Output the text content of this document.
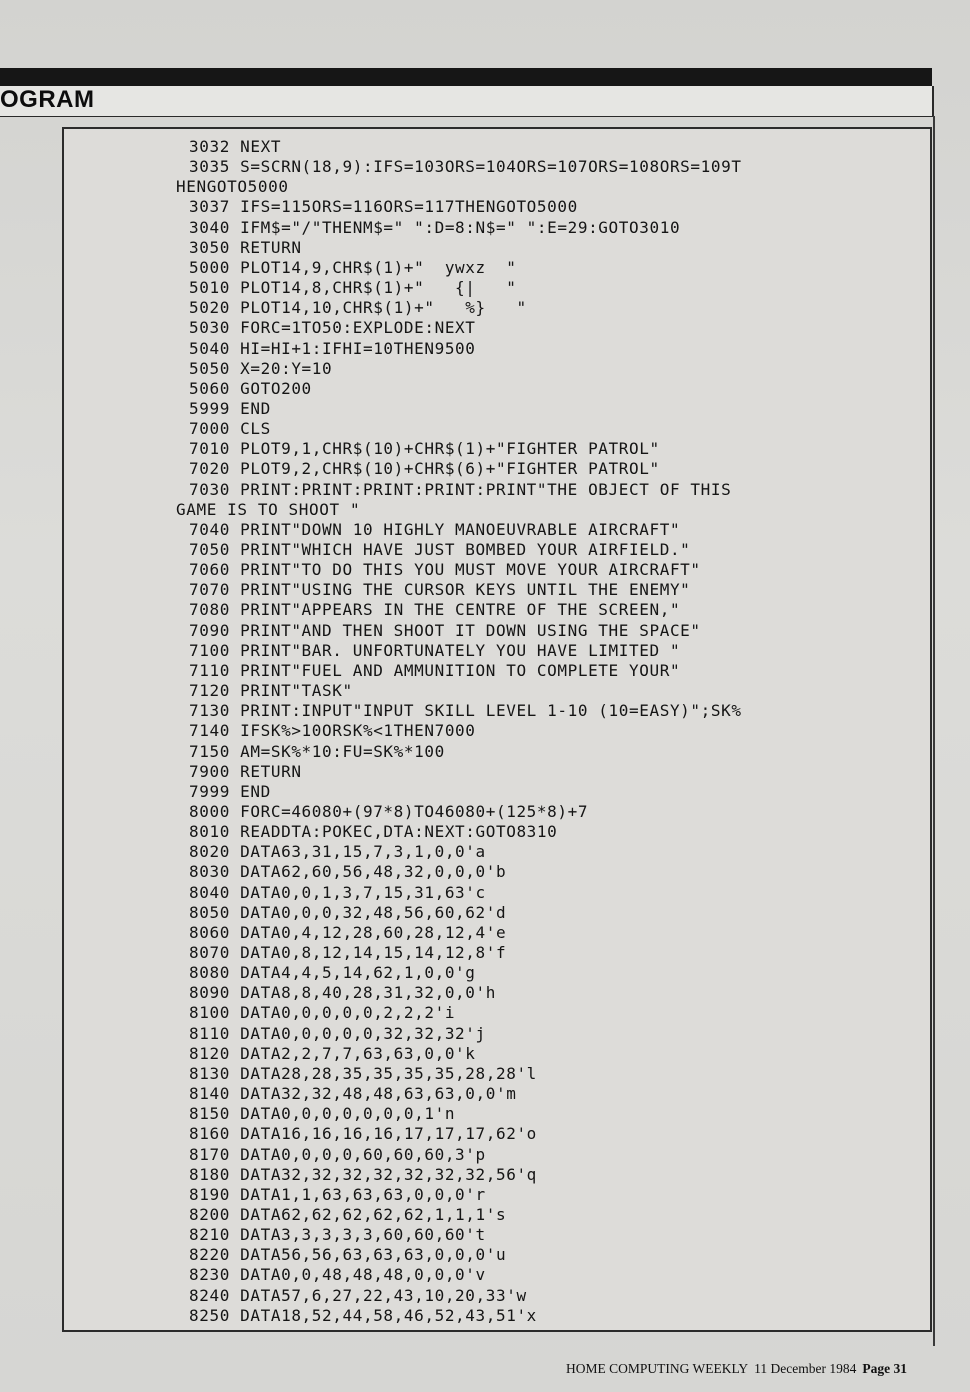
OGRAM
3032 NEXT
3035 S=SCRN(18,9):IFS=103ORS=104ORS=107ORS=108ORS=109T
HENGOTO5000
3037 IFS=115ORS=116ORS=117THENGOTO5000
3040 IFM$="/"THENM$=" ":D=8:N$=" ":E=29:GOTO3010
3050 RETURN
5000 PLOT14,9,CHR$(1)+"  ywxz  "
5010 PLOT14,8,CHR$(1)+"   {|   "
5020 PLOT14,10,CHR$(1)+"   %}   "
5030 FORC=1TO50:EXPLODE:NEXT
5040 HI=HI+1:IFHI=10THEN9500
5050 X=20:Y=10
5060 GOTO200
5999 END
7000 CLS
7010 PLOT9,1,CHR$(10)+CHR$(1)+"FIGHTER PATROL"
7020 PLOT9,2,CHR$(10)+CHR$(6)+"FIGHTER PATROL"
7030 PRINT:PRINT:PRINT:PRINT:PRINT"THE OBJECT OF THIS
GAME IS TO SHOOT "
7040 PRINT"DOWN 10 HIGHLY MANOEUVRABLE AIRCRAFT"
7050 PRINT"WHICH HAVE JUST BOMBED YOUR AIRFIELD."
7060 PRINT"TO DO THIS YOU MUST MOVE YOUR AIRCRAFT"
7070 PRINT"USING THE CURSOR KEYS UNTIL THE ENEMY"
7080 PRINT"APPEARS IN THE CENTRE OF THE SCREEN,"
7090 PRINT"AND THEN SHOOT IT DOWN USING THE SPACE"
7100 PRINT"BAR. UNFORTUNATELY YOU HAVE LIMITED "
7110 PRINT"FUEL AND AMMUNITION TO COMPLETE YOUR"
7120 PRINT"TASK"
7130 PRINT:INPUT"INPUT SKILL LEVEL 1-10 (10=EASY)";SK%
7140 IFSK%>10ORSK%<1THEN7000
7150 AM=SK%*10:FU=SK%*100
7900 RETURN
7999 END
8000 FORC=46080+(97*8)TO46080+(125*8)+7
8010 READDTA:POKEC,DTA:NEXT:GOTO8310
8020 DATA63,31,15,7,3,1,0,0'a
8030 DATA62,60,56,48,32,0,0,0'b
8040 DATA0,0,1,3,7,15,31,63'c
8050 DATA0,0,0,32,48,56,60,62'd
8060 DATA0,4,12,28,60,28,12,4'e
8070 DATA0,8,12,14,15,14,12,8'f
8080 DATA4,4,5,14,62,1,0,0'g
8090 DATA8,8,40,28,31,32,0,0'h
8100 DATA0,0,0,0,0,2,2,2'i
8110 DATA0,0,0,0,0,32,32,32'j
8120 DATA2,2,7,7,63,63,0,0'k
8130 DATA28,28,35,35,35,35,28,28'l
8140 DATA32,32,48,48,63,63,0,0'm
8150 DATA0,0,0,0,0,0,0,1'n
8160 DATA16,16,16,16,17,17,17,62'o
8170 DATA0,0,0,0,60,60,60,3'p
8180 DATA32,32,32,32,32,32,32,56'q
8190 DATA1,1,63,63,63,0,0,0'r
8200 DATA62,62,62,62,62,1,1,1's
8210 DATA3,3,3,3,3,60,60,60't
8220 DATA56,56,63,63,63,0,0,0'u
8230 DATA0,0,48,48,48,0,0,0'v
8240 DATA57,6,27,22,43,10,20,33'w
8250 DATA18,52,44,58,46,52,43,51'x
HOME COMPUTING WEEKLY 11 December 1984 Page 31
